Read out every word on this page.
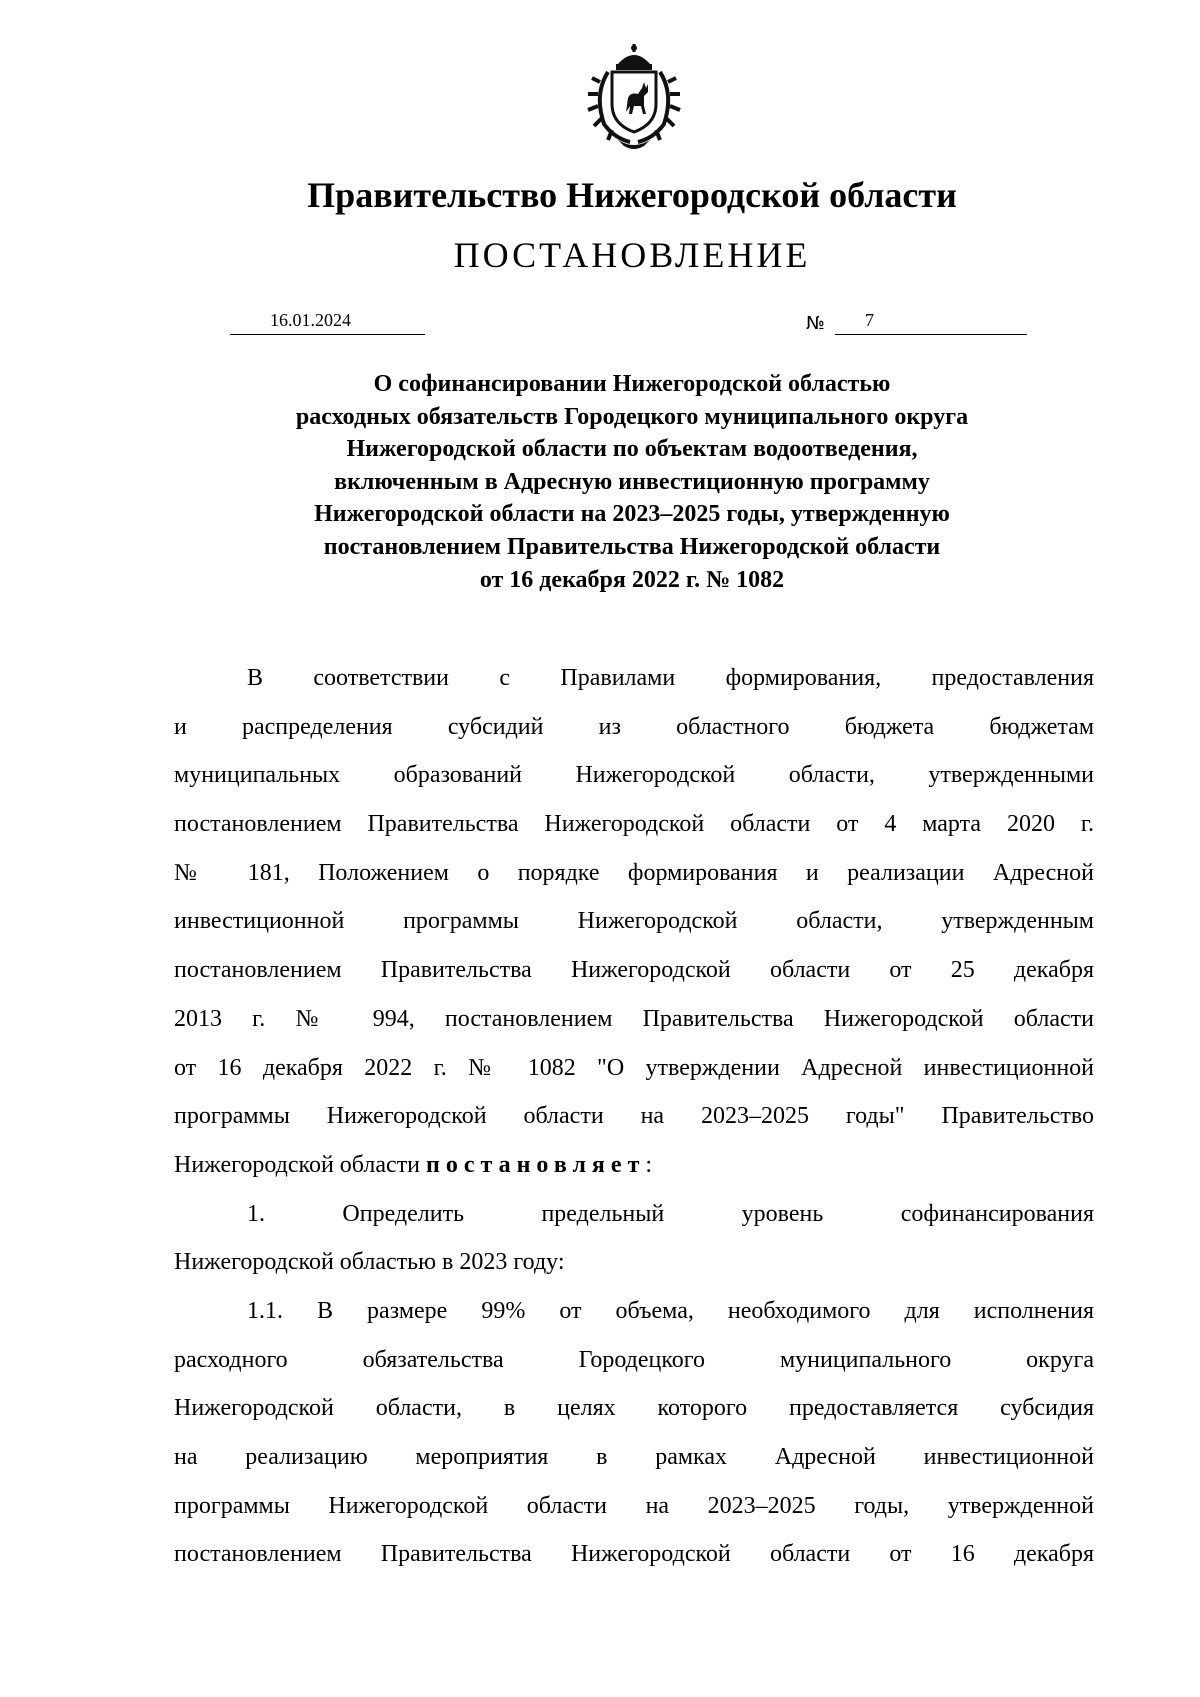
Правительство Нижегородской области
ПОСТАНОВЛЕНИЕ
16.01.2024	№ 7
О софинансировании Нижегородской областью
расходных обязательств Городецкого муниципального округа
Нижегородской области по объектам водоотведения,
включенным в Адресную инвестиционную программу
Нижегородской области на 2023–2025 годы, утвержденную
постановлением Правительства Нижегородской области
от 16 декабря 2022 г. № 1082
В соответствии с Правилами формирования, предоставления
и распределения субсидий из областного бюджета бюджетам
муниципальных образований Нижегородской области, утвержденными
постановлением Правительства Нижегородской области от 4 марта 2020 г.
№ 181, Положением о порядке формирования и реализации Адресной
инвестиционной программы Нижегородской области, утвержденным
постановлением Правительства Нижегородской области от 25 декабря
2013 г. № 994, постановлением Правительства Нижегородской области
от 16 декабря 2022 г. № 1082 "О утверждении Адресной инвестиционной
программы Нижегородской области на 2023–2025 годы" Правительство
Нижегородской области постановляет:
1. Определить предельный уровень софинансирования
Нижегородской областью в 2023 году:
1.1. В размере 99% от объема, необходимого для исполнения
расходного обязательства Городецкого муниципального округа
Нижегородской области, в целях которого предоставляется субсидия
на реализацию мероприятия в рамках Адресной инвестиционной
программы Нижегородской области на 2023–2025 годы, утвержденной
постановлением Правительства Нижегородской области от 16 декабря
